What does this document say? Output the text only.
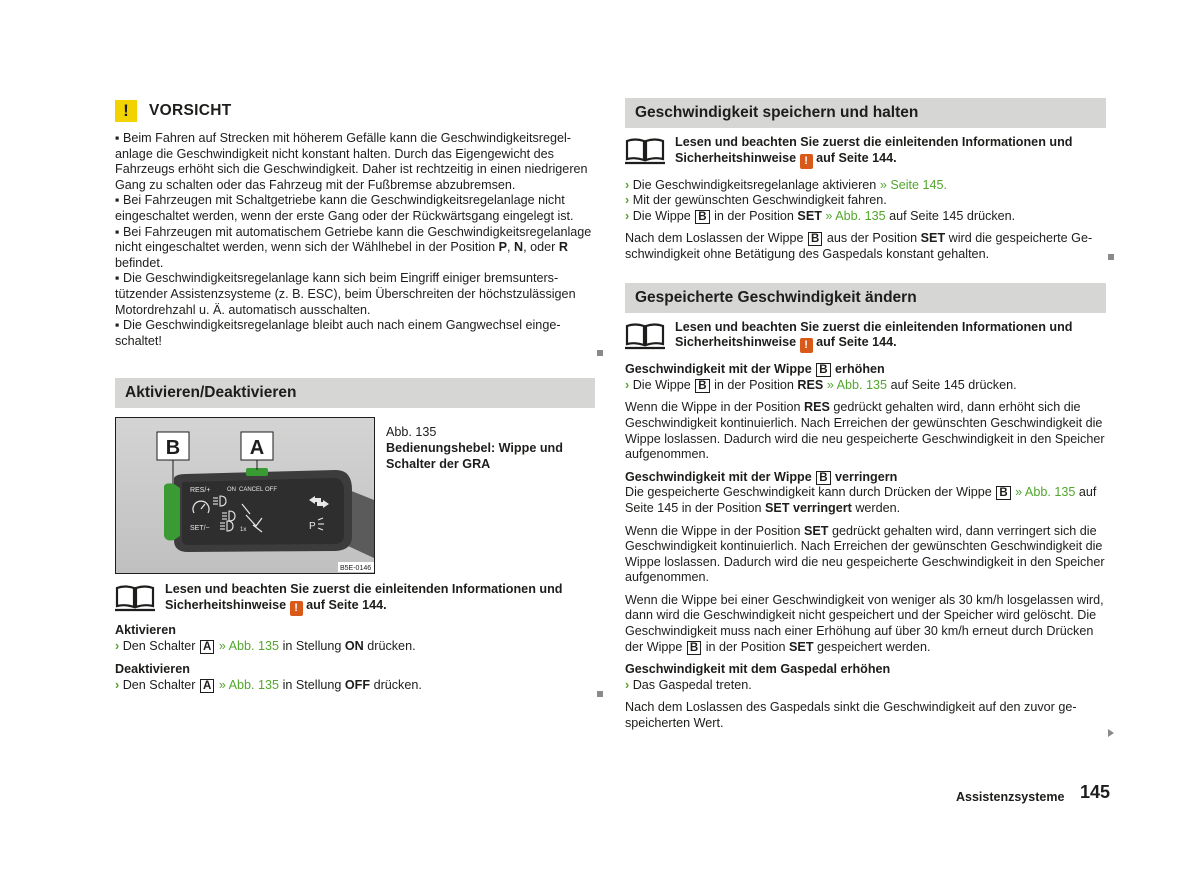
!	VORSICHT

▪ Beim Fahren auf Strecken mit höherem Gefälle kann die Geschwindigkeitsregelanlage die Geschwindigkeit nicht konstant halten. Durch das Eigengewicht des Fahrzeugs erhöht sich die Geschwindigkeit. Daher ist rechtzeitig in einen niedrigeren Gang zu schalten oder das Fahrzeug mit der Fußbremse abzubremsen.

▪ Bei Fahrzeugen mit Schaltgetriebe kann die Geschwindigkeitsregelanlage nicht eingeschaltet werden, wenn der erste Gang oder der Rückwärtsgang eingelegt ist.

▪ Bei Fahrzeugen mit automatischem Getriebe kann die Geschwindigkeitsregelanlage nicht eingeschaltet werden, wenn sich der Wählhebel in der Position P, N, oder R befindet.

▪ Die Geschwindigkeitsregelanlage kann sich beim Eingriff einiger bremsunterstützender Assistenzsysteme (z. B. ESC), beim Überschreiten der höchstzulässigen Motordrehzahl u. Ä. automatisch ausschalten.

▪ Die Geschwindigkeitsregelanlage bleibt auch nach einem Gangwechsel eingeschaltet!

Aktivieren/Deaktivieren
B	A
RES/+	ON CANCEL OFF
SET/−	1x	P
B5E-0146

Abb. 135

Bedienungshebel: Wippe und Schalter der GRA

Lesen und beachten Sie zuerst die einleitenden Informationen und Sicherheitshinweise ! auf Seite 144.

Aktivieren

› Den Schalter A » Abb. 135 in Stellung ON drücken.

Deaktivieren

› Den Schalter A » Abb. 135 in Stellung OFF drücken.

Geschwindigkeit speichern und halten

Lesen und beachten Sie zuerst die einleitenden Informationen und Sicherheitshinweise ! auf Seite 144.

› Die Geschwindigkeitsregelanlage aktivieren » Seite 145.

› Mit der gewünschten Geschwindigkeit fahren.

› Die Wippe B in der Position SET » Abb. 135 auf Seite 145 drücken.

Nach dem Loslassen der Wippe B aus der Position SET wird die gespeicherte Geschwindigkeit ohne Betätigung des Gaspedals konstant gehalten.

Gespeicherte Geschwindigkeit ändern

Lesen und beachten Sie zuerst die einleitenden Informationen und Sicherheitshinweise ! auf Seite 144.

Geschwindigkeit mit der Wippe B erhöhen

› Die Wippe B in der Position RES » Abb. 135 auf Seite 145 drücken.

Wenn die Wippe in der Position RES gedrückt gehalten wird, dann erhöht sich die Geschwindigkeit kontinuierlich. Nach Erreichen der gewünschten Geschwindigkeit die Wippe loslassen. Dadurch wird die neu gespeicherte Geschwindigkeit in den Speicher aufgenommen.

Geschwindigkeit mit der Wippe B verringern

Die gespeicherte Geschwindigkeit kann durch Drücken der Wippe B » Abb. 135 auf Seite 145 in der Position SET verringert werden.

Wenn die Wippe in der Position SET gedrückt gehalten wird, dann verringert sich die Geschwindigkeit kontinuierlich. Nach Erreichen der gewünschten Geschwindigkeit die Wippe loslassen. Dadurch wird die neu gespeicherte Geschwindigkeit in den Speicher aufgenommen.

Wenn die Wippe bei einer Geschwindigkeit von weniger als 30 km/h losgelassen wird, dann wird die Geschwindigkeit nicht gespeichert und der Speicher wird gelöscht. Die Geschwindigkeit muss nach einer Erhöhung auf über 30 km/h erneut durch Drücken der Wippe B in der Position SET gespeichert werden.

Geschwindigkeit mit dem Gaspedal erhöhen

› Das Gaspedal treten.

Nach dem Loslassen des Gaspedals sinkt die Geschwindigkeit auf den zuvor gespeicherten Wert.

Assistenzsysteme 145
